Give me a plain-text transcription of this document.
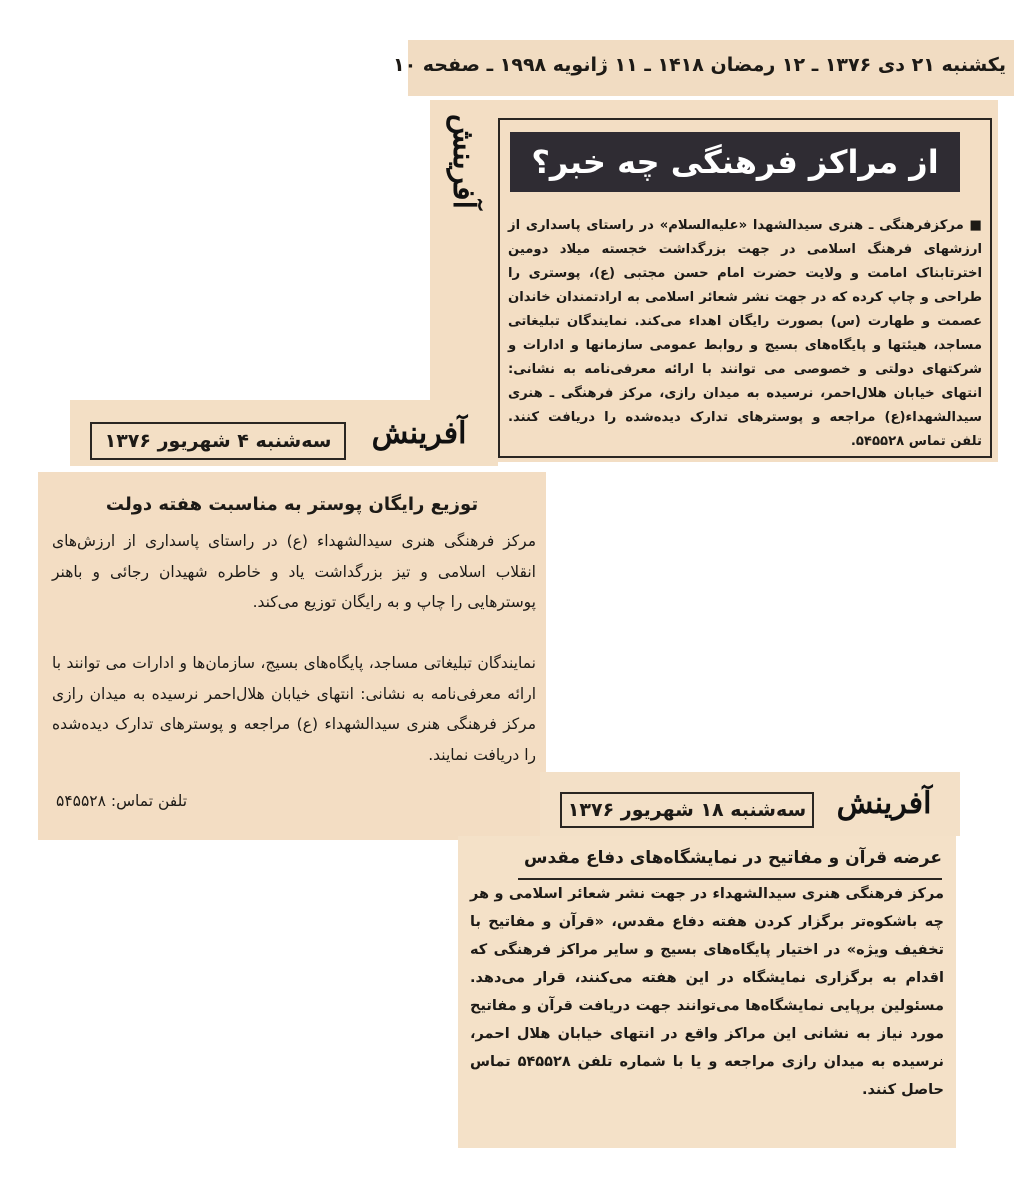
یکشنبه ۲۱ دی ۱۳۷۶ ـ ۱۲ رمضان ۱۴۱۸ ـ ۱۱ ژانویه ۱۹۹۸ ـ صفحه ۱۰
آفرینش	از مراکز فرهنگی چه خبر؟
■ مرکزفرهنگی ـ هنری سیدالشهدا «علیه‌السلام» در راستای پاسداری از ارزشهای فرهنگ اسلامی در جهت بزرگداشت خجسته میلاد دومین اخترتابناک امامت و ولایت حضرت امام حسن مجتبی (ع)، پوستری را طراحی و چاپ کرده که در جهت نشر شعائر اسلامی به ارادتمندان خاندان عصمت و طهارت (س) بصورت رایگان اهداء می‌کند. نمایندگان تبلیغاتی مساجد، هیئتها و پایگاه‌های بسیج و روابط عمومی سازمانها و ادارات و شرکتهای دولتی و خصوصی می توانند با ارائه معرفی‌نامه به نشانی: انتهای خیابان هلال‌احمر، نرسیده به میدان رازی، مرکز فرهنگی ـ هنری سیدالشهداء(ع) مراجعه و پوسترهای تدارک دیده‌شده را دریافت کنند. تلفن تماس ۵۴۵۵۲۸.
آفرینش
سه‌شنبه ۴ شهریور ۱۳۷۶
توزیع رایگان پوستر به مناسبت هفته دولت
مرکز فرهنگی هنری سیدالشهداء (ع) در راستای پاسداری از ارزش‌های انقلاب اسلامی و تیز بزرگداشت یاد و خاطره شهیدان رجائی و باهنر پوسترهایی را چاپ و به رایگان توزیع می‌کند.
نمایندگان تبلیغاتی مساجد، پایگاه‌های بسیج، سازمان‌ها و ادارات می توانند با ارائه معرفی‌نامه به نشانی: انتهای خیابان هلال‌احمر نرسیده به میدان رازی مرکز فرهنگی هنری سیدالشهداء (ع) مراجعه و پوسترهای تدارک دیده‌شده را دریافت نمایند.
تلفن تماس: ۵۴۵۵۲۸	آفرینش
سه‌شنبه ۱۸ شهریور ۱۳۷۶
عرضه قرآن و مفاتیح در نمایشگاه‌های دفاع مقدس
مرکز فرهنگی هنری سیدالشهداء در جهت نشر شعائر اسلامی و هر چه باشکوه‌تر برگزار کردن هفته دفاع مقدس، «قرآن و مفاتیح با تخفیف ویژه» در اختیار پایگاه‌های بسیج و سایر مراکز فرهنگی که اقدام به برگزاری نمایشگاه در این هفته می‌کنند، قرار می‌دهد. مسئولین برپایی نمایشگاه‌ها می‌توانند جهت دریافت قرآن و مفاتیح مورد نیاز به نشانی این مراکز واقع در انتهای خیابان هلال احمر، نرسیده به میدان رازی مراجعه و یا با شماره تلفن ۵۴۵۵۲۸ تماس حاصل کنند.
